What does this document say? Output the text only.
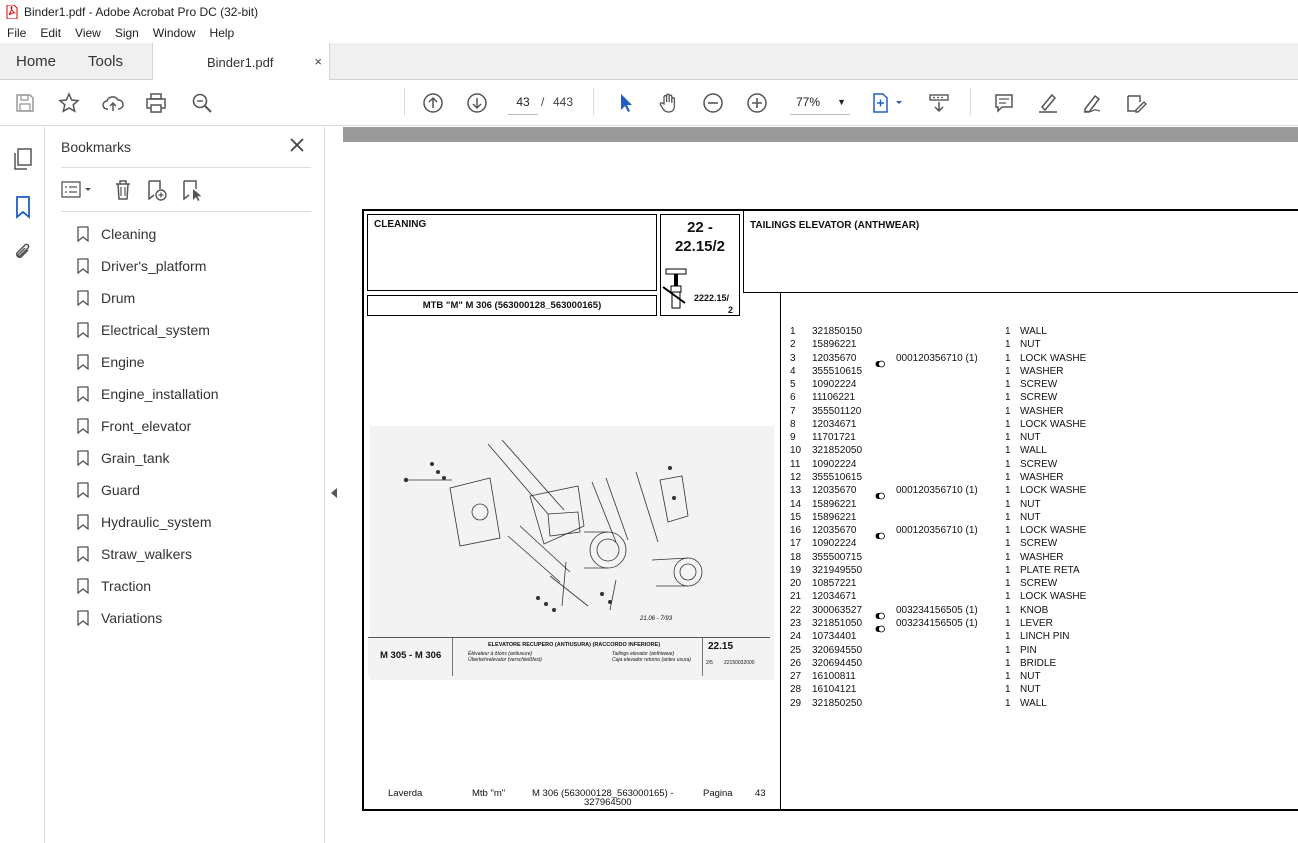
Binder1.pdf - Adobe Acrobat Pro DC (32-bit)
File	Edit	View	Sign	Window	Help
Home Tools	Binder1.pdf	×
43 / 443	77% ▼
Bookmarks
Cleaning
Driver's_platform
Drum
Electrical_system
Engine
Engine_installation
Front_elevator
Grain_tank
Guard
Hydraulic_system
Straw_walkers
Traction
Variations
CLEANING
MTB "M" M 306 (563000128_563000165)
22 -
22.15/2
2222.15/
2
TAILINGS ELEVATOR (ANTHWEAR)
21.06 - 7/93
M 305 - M 306
ELEVATORE RECUPERO (ANTIUSURA) (RACCORDO INFERIORE)
Élévateur à ôtons (antiusure)
Überkehrelevator (verschleißfest)
Tailings elevator (anthiwear)
Caja elevador retorno (antes usura)
22.15
2/5 22150032000
1 321850150	1 WALL
2 15896221	1 NUT
3 12035670	000120356710 (1)	1 LOCK WASHE
4 355510615	1 WASHER
5 10902224	1 SCREW
6 11106221	1 SCREW
7 355501120	1 WASHER
8 12034671	1 LOCK WASHE
9 11701721	1 NUT
10 321852050	1 WALL
11 10902224	1 SCREW
12 355510615	1 WASHER
13 12035670	000120356710 (1)	1 LOCK WASHE
14 15896221	1 NUT
15 15896221	1 NUT
16 12035670	000120356710 (1)	1 LOCK WASHE
17 10902224	1 SCREW
18 355500715	1 WASHER
19 321949550	1 PLATE RETA
20 10857221	1 SCREW
21 12034671	1 LOCK WASHE
22 300063527	003234156505 (1)	1 KNOB
23 321851050	003234156505 (1)	1 LEVER
24 10734401	1 LINCH PIN
25 320694550	1 PIN
26 320694450	1 BRIDLE
27 16100811	1 NUT
28 16104121	1 NUT
29 321850250	1 WALL
Laverda	Mtb "m"	M 306 (563000128_563000165) -
327964500
Pagina 43
